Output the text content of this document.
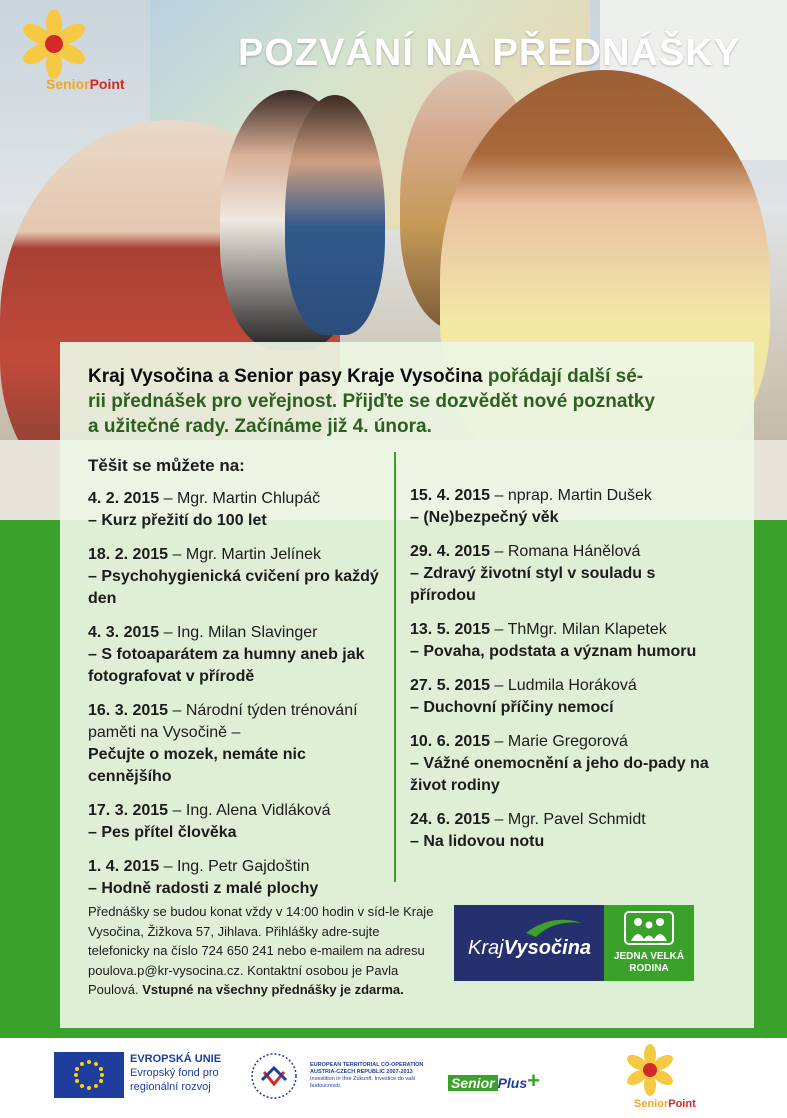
SeniorPoint
POZVÁNÍ NA PŘEDNÁŠKY
Kraj Vysočina a Senior pasy Kraje Vysočina pořádají další sé-
rii přednášek pro veřejnost. Přijďte se dozvědět nové poznatky
a užitečné rady. Začínáme již 4. února.
Těšit se můžete na:
4. 2. 2015 – Mgr. Martin Chlupáč
– Kurz přežití do 100 let
18. 2. 2015 – Mgr. Martin Jelínek
– Psychohygienická cvičení pro každý den
4. 3. 2015 – Ing. Milan Slavinger
– S fotoaparátem za humny aneb jak fotografovat v přírodě
16. 3. 2015 – Národní týden trénování paměti na Vysočině –
Pečujte o mozek, nemáte nic cennějšího
17. 3. 2015 – Ing. Alena Vidláková
– Pes přítel člověka
1. 4. 2015 – Ing. Petr Gajdoštin
– Hodně radosti z malé plochy
15. 4. 2015 – nprap. Martin Dušek
– (Ne)bezpečný věk
29. 4. 2015 – Romana Hánělová
– Zdravý životní styl v souladu s přírodou
13. 5. 2015 – ThMgr. Milan Klapetek
– Povaha, podstata a význam humoru
27. 5. 2015 – Ludmila Horáková
– Duchovní příčiny nemocí
10. 6. 2015 – Marie Gregorová
– Vážné onemocnění a jeho do-pady na život rodiny
24. 6. 2015 – Mgr. Pavel Schmidt
– Na lidovou notu
Přednášky se budou konat vždy v 14:00 hodin v síd-le Kraje Vysočina, Žižkova 57, Jihlava. Přihlášky adre-sujte telefonicky na číslo 724 650 241 nebo e-mailem na adresu poulova.p@kr-vysocina.cz. Kontaktní osobou je Pavla Poulová. Vstupné na všechny přednášky je zdarma.
KrajVysočina	JEDNA VELKÁ
RODINA
EVROPSKÁ UNIE
Evropský fond pro
regionální rozvoj
EUROPEAN TERRITORIAL CO-OPERATION
AUSTRIA-CZECH REPUBLIC 2007-2013
Investition in Ihre Zukunft. Investice do vaší budoucnosti.	Senior Plus+
SeniorPoint
